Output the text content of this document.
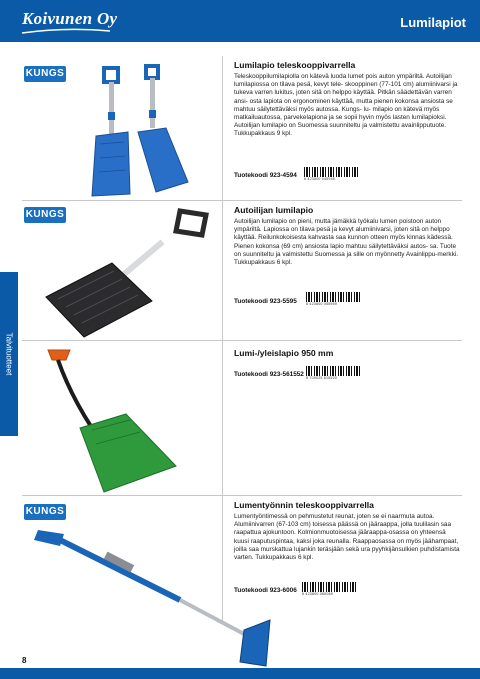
Koivunen Oy	Lumilapiot
Talvituotteet
KUNGS
Lumilapio teleskooppivarrella

Teleskooppilumilapiolla on kätevä luoda lumet pois auton ympäriltä. Autoilijan lumilapiossa on tilava pesä, kevyt tele- skooppinen (77-101 cm) alumiinivarsi ja tukeva varren lukitus, joten sitä on helppo käyttää. Pitkän säädettävän varren ansi- osta lapiota on ergonominen käyttää, mutta pienen kokonsa ansiosta se mahtuu säilytettäväksi myös autossa. Kungs- lu- milapio on kätevä myös matkailuautossa, parvekelapiona ja se sopii hyvin myös lasten lumilapioksi. Autoilijan lumilapio on Suomessa suunniteltu ja valmistettu avainlipputuote. Tukkupakkaus 9 kpl.

Tuotekoodi 923-4594 6 423800 045945
KUNGS	Autoilijan lumilapio

Autoilijan lumilapio on pieni, mutta jämäkkä työkalu lumen poistoon auton ympäriltä. Lapiossa on tilava pesä ja kevyt alumiinivarsi, joten sitä on helppo käyttää. Reilunkokoisesta kahvasta saa kunnon otteen myös kinnas kädessä. Pienen kokonsa (69 cm) ansiosta lapio mahtuu säilytettäväksi autos- sa. Tuote on suunniteltu ja valmistettu Suomessa ja sille on myönnetty Avainlippu-merkki. Tukkupakkaus 6 kpl.

Tuotekoodi 923-5595	6 423800 055959
Lumi-/yleislapio 950 mm
Tuotekoodi 923-561552 5 709025 615520
KUNGS
Lumentyönnin teleskooppivarrella

Lumentyöntimessä on pehmustetut reunat, joten se ei naarmuta autoa. Alumiinivarren (67-103 cm) toisessa päässä on jääraappa, jolla tuulilasin saa raapattua ajokuntoon. Kolmionmuotoisessa jääraappa-osassa on yhteensä kuusi raaputuspintaa, kaksi joka reunalla. Raappaosassa on myös jäähampaat, joilla saa murskattua lujankin teräsjään sekä ura pyyhkijänsulkien puhdistamista varten. Tukkupakkaus 6 kpl.

Tuotekoodi 923-6006 6 423800 060069
8
